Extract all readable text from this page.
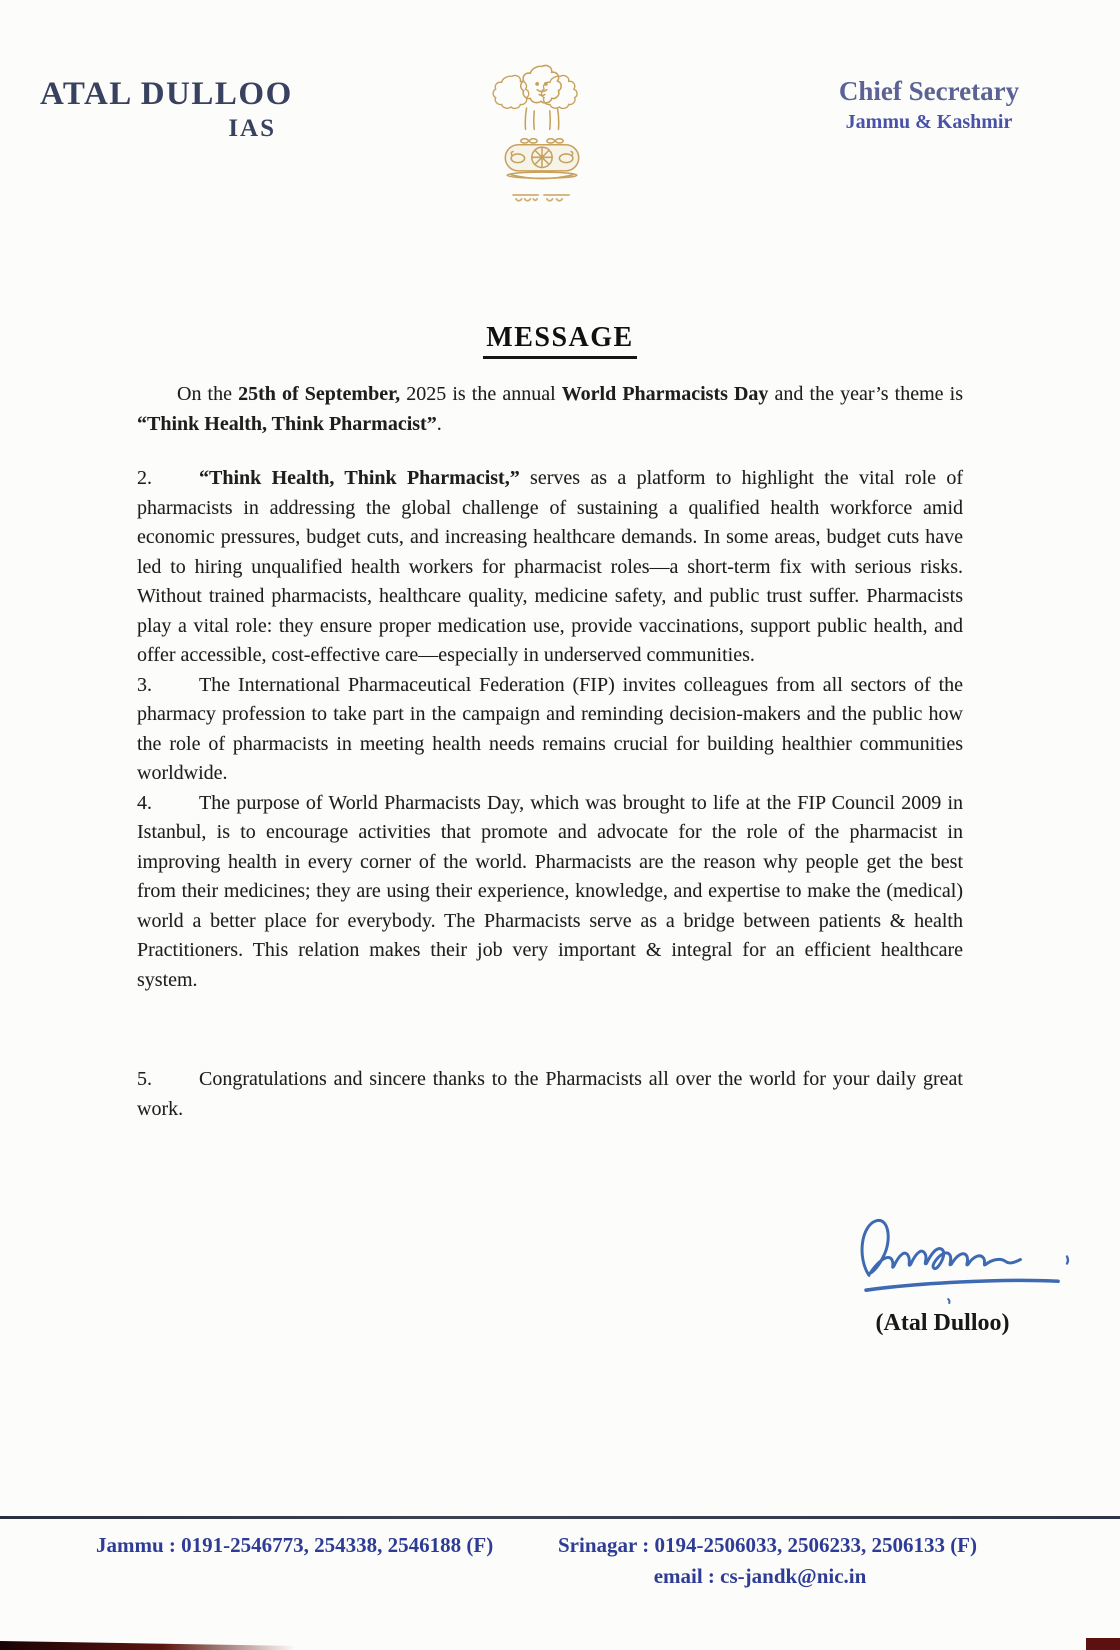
ATAL DULLOO
IAS
Chief Secretary
Jammu & Kashmir
MESSAGE

On the 25th of September, 2025 is the annual World Pharmacists Day and the year’s theme is “Think Health, Think Pharmacist”.

2. “Think Health, Think Pharmacist,” serves as a platform to highlight the vital role of pharmacists in addressing the global challenge of sustaining a qualified health workforce amid economic pressures, budget cuts, and increasing healthcare demands. In some areas, budget cuts have led to hiring unqualified health workers for pharmacist roles—a short-term fix with serious risks. Without trained pharmacists, healthcare quality, medicine safety, and public trust suffer. Pharmacists play a vital role: they ensure proper medication use, provide vaccinations, support public health, and offer accessible, cost-effective care—especially in underserved communities.

3. The International Pharmaceutical Federation (FIP) invites colleagues from all sectors of the pharmacy profession to take part in the campaign and reminding decision-makers and the public how the role of pharmacists in meeting health needs remains crucial for building healthier communities worldwide.

4. The purpose of World Pharmacists Day, which was brought to life at the FIP Council 2009 in Istanbul, is to encourage activities that promote and advocate for the role of the pharmacist in improving health in every corner of the world. Pharmacists are the reason why people get the best from their medicines; they are using their experience, knowledge, and expertise to make the (medical) world a better place for everybody. The Pharmacists serve as a bridge between patients & health Practitioners. This relation makes their job very important & integral for an efficient healthcare system.

5. Congratulations and sincere thanks to the Pharmacists all over the world for your daily great work.

(Atal Dulloo)
Jammu : 0191-2546773, 254338, 2546188 (F)	Srinagar : 0194-2506033, 2506233, 2506133 (F)
email : cs-jandk@nic.in
